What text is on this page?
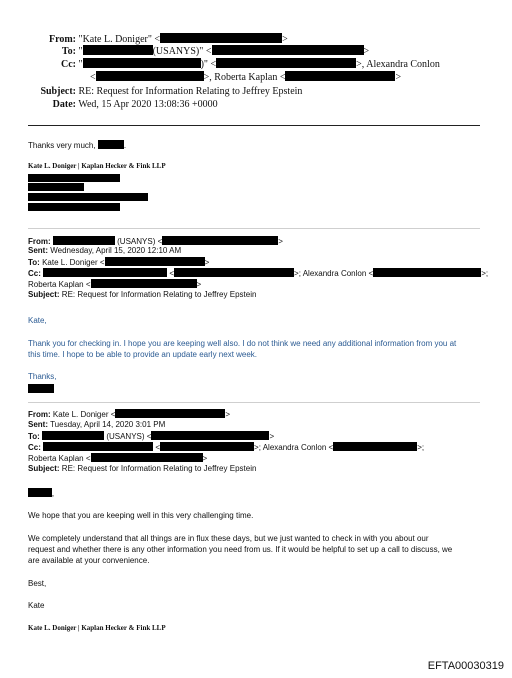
From: "Kate L. Doniger" <	>
To: "	(USANYS)" <	>
Cc: "	)" <	>, Alexandra Conlon
<	>, Roberta Kaplan <	>
Subject: RE: Request for Information Relating to Jeffrey Epstein
Date: Wed, 15 Apr 2020 13:08:36 +0000
Thanks very much,	.
Kate L. Doniger | Kaplan Hecker & Fink LLP
From:	(USANYS) <	>
Sent: Wednesday, April 15, 2020 12:10 AM
To: Kate L. Doniger <	>
Cc:	<	>; Alexandra Conlon <	>;
Roberta Kaplan <	>
Subject: RE: Request for Information Relating to Jeffrey Epstein
Kate,
Thank you for checking in. I hope you are keeping well also. I do not think we need any additional information from you at
this time. I hope to be able to provide an update early next week.
Thanks,
From: Kate L. Doniger <	>
Sent: Tuesday, April 14, 2020 3:01 PM
To:	(USANYS) <	>
Cc:	<	>; Alexandra Conlon <	>;
Roberta Kaplan <	>
Subject: RE: Request for Information Relating to Jeffrey Epstein
,
We hope that you are keeping well in this very challenging time.
We completely understand that all things are in flux these days, but we just wanted to check in with you about our
request and whether there is any other information you need from us. If it would be helpful to set up a call to discuss, we
are available at your convenience.
Best,
Kate
Kate L. Doniger | Kaplan Hecker & Fink LLP
EFTA00030319
